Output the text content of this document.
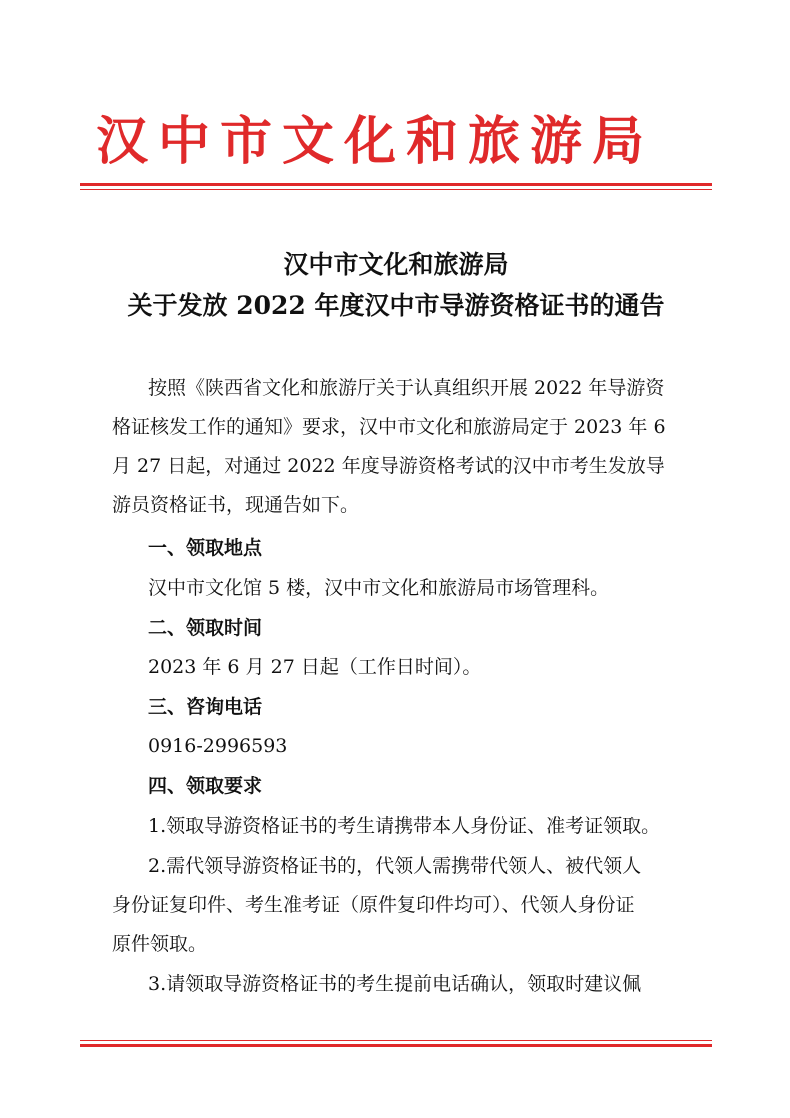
汉中市文化和旅游局
汉中市文化和旅游局
关于发放 2022 年度汉中市导游资格证书的通告
按照《陕西省文化和旅游厅关于认真组织开展 2022 年导游资
格证核发工作的通知》要求，汉中市文化和旅游局定于 2023 年 6
月 27 日起，对通过 2022 年度导游资格考试的汉中市考生发放导
游员资格证书，现通告如下。
一、领取地点
汉中市文化馆 5 楼，汉中市文化和旅游局市场管理科。
二、领取时间
2023 年 6 月 27 日起（工作日时间）。
三、咨询电话
0916-2996593
四、领取要求
1.领取导游资格证书的考生请携带本人身份证、准考证领取。
2.需代领导游资格证书的，代领人需携带代领人、被代领人
身份证复印件、考生准考证（原件复印件均可）、代领人身份证
原件领取。
3.请领取导游资格证书的考生提前电话确认，领取时建议佩
